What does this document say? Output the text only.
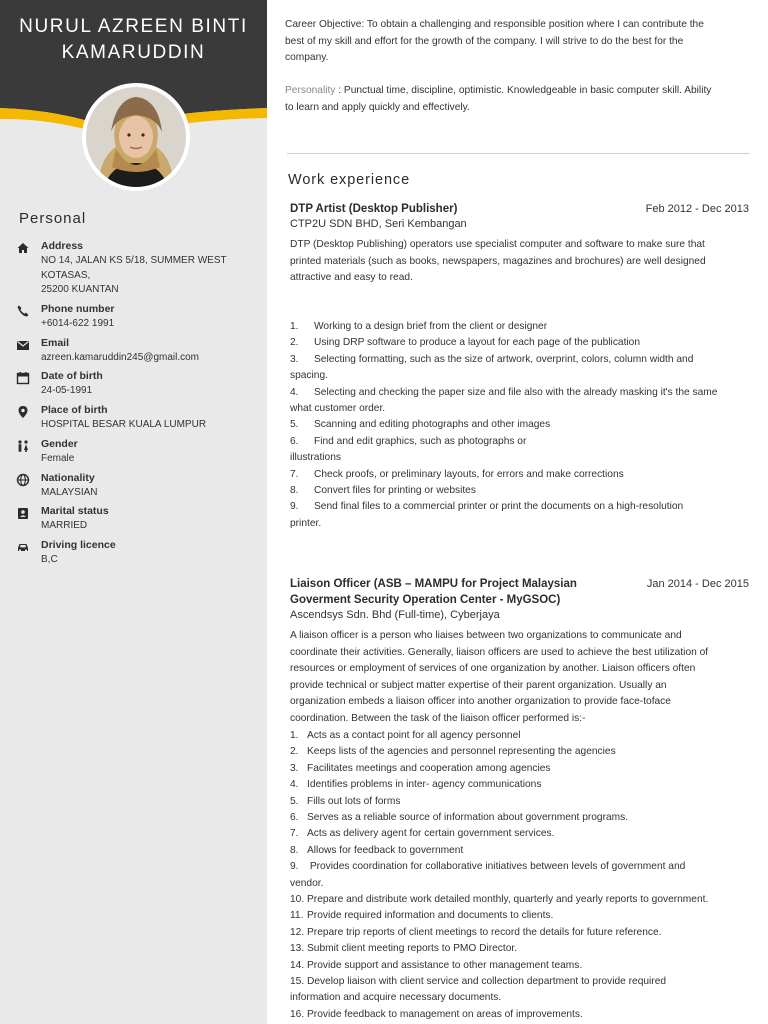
NURUL AZREEN BINTI
KAMARUDDIN
Personal
Address
NO 14, JALAN KS 5/18, SUMMER WEST
KOTASAS,
25200 KUANTAN
Phone number
+6014-622 1991
Email
azreen.kamaruddin245@gmail.com
Date of birth
24-05-1991
Place of birth
HOSPITAL BESAR KUALA LUMPUR
Gender
Female
Nationality
MALAYSIAN
Marital status
MARRIED
Driving licence
B,C
Career Objective: To obtain a challenging and responsible position where I can contribute the
best of my skill and effort for the growth of the company. I will strive to do the best for the
company.
Personality : Punctual time, discipline, optimistic. Knowledgeable in basic computer skill. Ability
to learn and apply quickly and effectively.
Work experience
DTP Artist (Desktop Publisher)	Feb 2012 - Dec 2013
CTP2U SDN BHD, Seri Kembangan
DTP (Desktop Publishing) operators use specialist computer and software to make sure that
printed materials (such as books, newspapers, magazines and brochures) are well designed
attractive and easy to read.
1. Working to a design brief from the client or designer
2. Using DRP software to produce a layout for each page of the publication
3. Selecting formatting, such as the size of artwork, overprint, colors, column width and
spacing.
4. Selecting and checking the paper size and file also with the already masking it's the same
what customer order.
5. Scanning and editing photographs and other images
6. Find and edit graphics, such as photographs or
illustrations
7. Check proofs, or preliminary layouts, for errors and make corrections
8. Convert files for printing or websites
9. Send final files to a commercial printer or print the documents on a high-resolution
printer.
Liaison Officer (ASB – MAMPU for Project Malaysian
Goverment Security Operation Center - MyGSOC)
Jan 2014 - Dec 2015
Ascendsys Sdn. Bhd (Full-time), Cyberjaya
A liaison officer is a person who liaises between two organizations to communicate and
coordinate their activities. Generally, liaison officers are used to achieve the best utilization of
resources or employment of services of one organization by another. Liaison officers often
provide technical or subject matter expertise of their parent organization. Usually an
organization embeds a liaison officer into another organization to provide face-toface
coordination. Between the task of the liaison officer performed is:-
1. Acts as a contact point for all agency personnel
2. Keeps lists of the agencies and personnel representing the agencies
3. Facilitates meetings and cooperation among agencies
4. Identifies problems in inter- agency communications
5. Fills out lots of forms
6. Serves as a reliable source of information about government programs.
7. Acts as delivery agent for certain government services.
8. Allows for feedback to government
9. Provides coordination for collaborative initiatives between levels of government and
vendor.
10. Prepare and distribute work detailed monthly, quarterly and yearly reports to government.
11. Provide required information and documents to clients.
12. Prepare trip reports of client meetings to record the details for future reference.
13. Submit client meeting reports to PMO Director.
14. Provide support and assistance to other management teams.
15. Develop liaison with client service and collection department to provide required
information and acquire necessary documents.
16. Provide feedback to management on areas of improvements.
